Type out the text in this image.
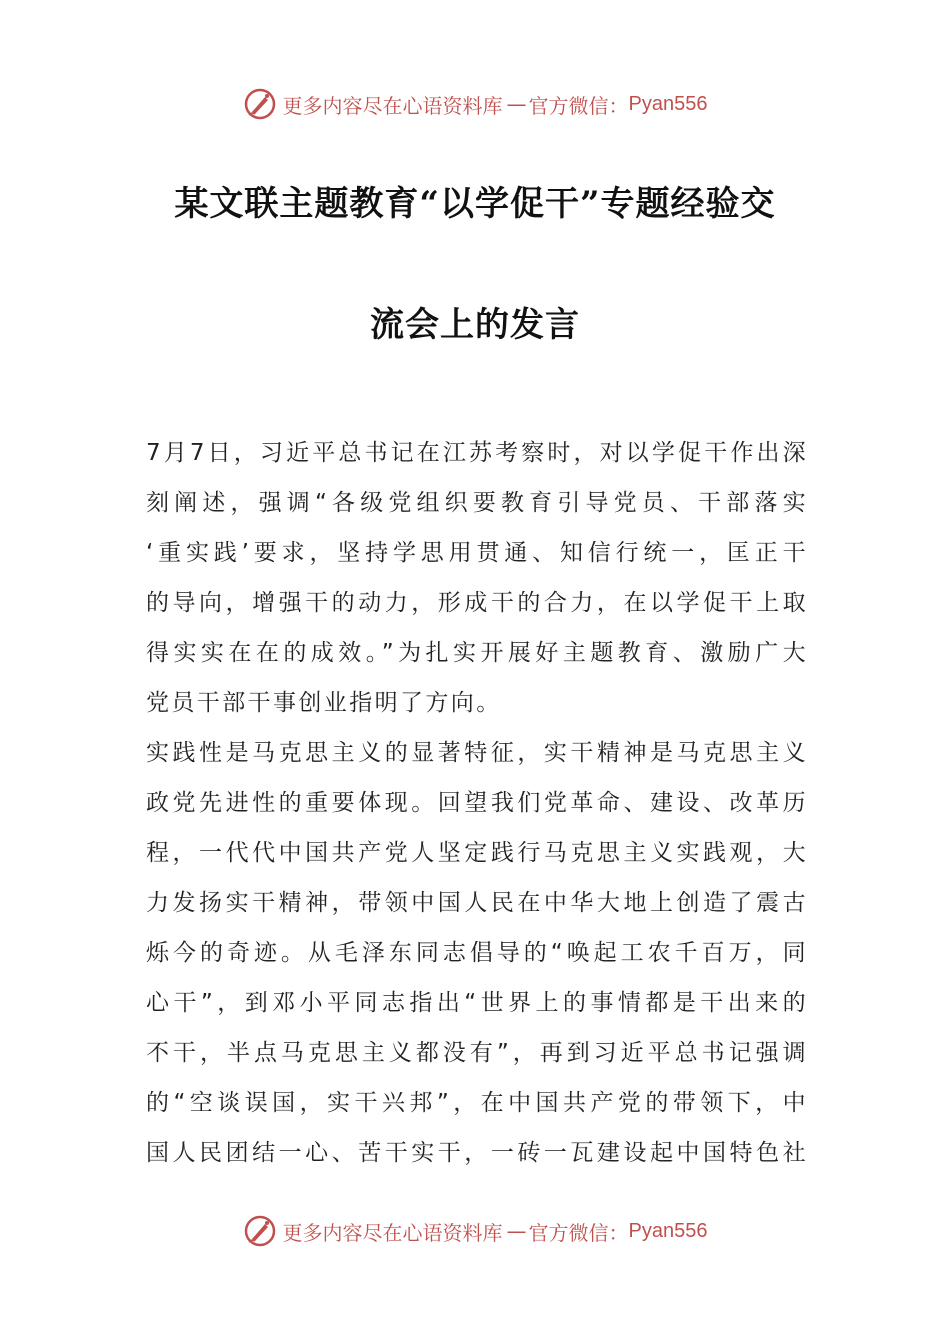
更多内容尽在心语资料库 — 官方微信： Pyan556
某文联主题教育“以学促干”专题经验交
流会上的发言
7月7日，习近平总书记在江苏考察时，对以学促干作出深
刻阐述，强调“各级党组织要教育引导党员、干部落实
‘重实践’要求，坚持学思用贯通、知信行统一，匡正干
的导向，增强干的动力，形成干的合力，在以学促干上取
得实实在在的成效。”为扎实开展好主题教育、激励广大
党员干部干事创业指明了方向。
实践性是马克思主义的显著特征，实干精神是马克思主义
政党先进性的重要体现。回望我们党革命、建设、改革历
程，一代代中国共产党人坚定践行马克思主义实践观，大
力发扬实干精神，带领中国人民在中华大地上创造了震古
烁今的奇迹。从毛泽东同志倡导的“唤起工农千百万，同
心干”，到邓小平同志指出“世界上的事情都是干出来的
不干，半点马克思主义都没有”，再到习近平总书记强调
的“空谈误国，实干兴邦”，在中国共产党的带领下，中
国人民团结一心、苦干实干，一砖一瓦建设起中国特色社
更多内容尽在心语资料库 — 官方微信： Pyan556
